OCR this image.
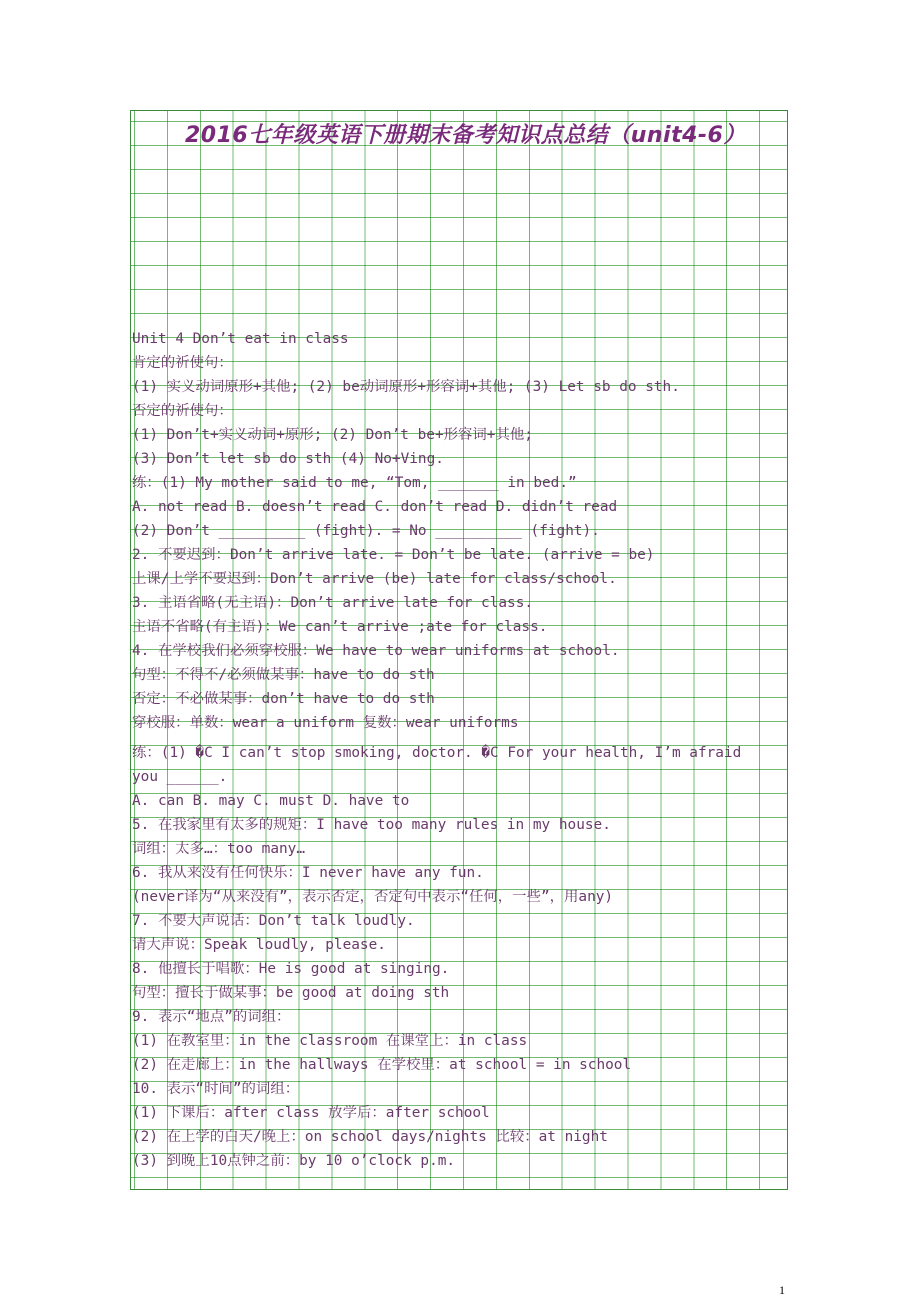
2016七年级英语下册期末备考知识点总结（unit4-6）
Unit 4 Don’t eat in class
肯定的祈使句：
(1) 实义动词原形+其他; (2) be动词原形+形容词+其他; (3) Let sb do sth.
否定的祈使句：
(1) Don’t+实义动词+原形; (2) Don’t be+形容词+其他;
(3) Don’t let sb do sth (4) No+Ving.
练：(1) My mother said to me, “Tom, _______ in bed.”
A. not read B. doesn’t read C. don’t read D. didn’t read
(2) Don’t __________ (fight). = No __________ (fight).
2. 不要迟到：Don’t arrive late. = Don’t be late. (arrive = be)
上课/上学不要迟到：Don’t arrive (be) late for class/school.
3. 主语省略(无主语)：Don’t arrive late for class.
主语不省略(有主语)：We can’t arrive ;ate for class.
4. 在学校我们必须穿校服：We have to wear uniforms at school.
句型：不得不/必须做某事：have to do sth
否定：不必做某事：don’t have to do sth
穿校服：单数：wear a uniform 复数：wear uniforms
练：(1) �C I can’t stop smoking, doctor. �C For your health, I’m afraid
you ______.
A. can B. may C. must D. have to
5. 在我家里有太多的规矩：I have too many rules in my house.
词组：太多…：too many…
6. 我从来没有任何快乐：I never have any fun.
(never译为“从来没有”，表示否定，否定句中表示“任何，一些”，用any)
7. 不要大声说话：Don’t talk loudly.
请大声说：Speak loudly, please.
8. 他擅长于唱歌：He is good at singing.
句型：擅长于做某事：be good at doing sth
9. 表示“地点”的词组：
(1) 在教室里：in the classroom 在课堂上：in class
(2) 在走廊上：in the hallways 在学校里：at school = in school
10. 表示“时间”的词组：
(1) 下课后：after class 放学后：after school
(2) 在上学的白天/晚上：on school days/nights 比较：at night
(3) 到晚上10点钟之前：by 10 o’clock p.m.
1
